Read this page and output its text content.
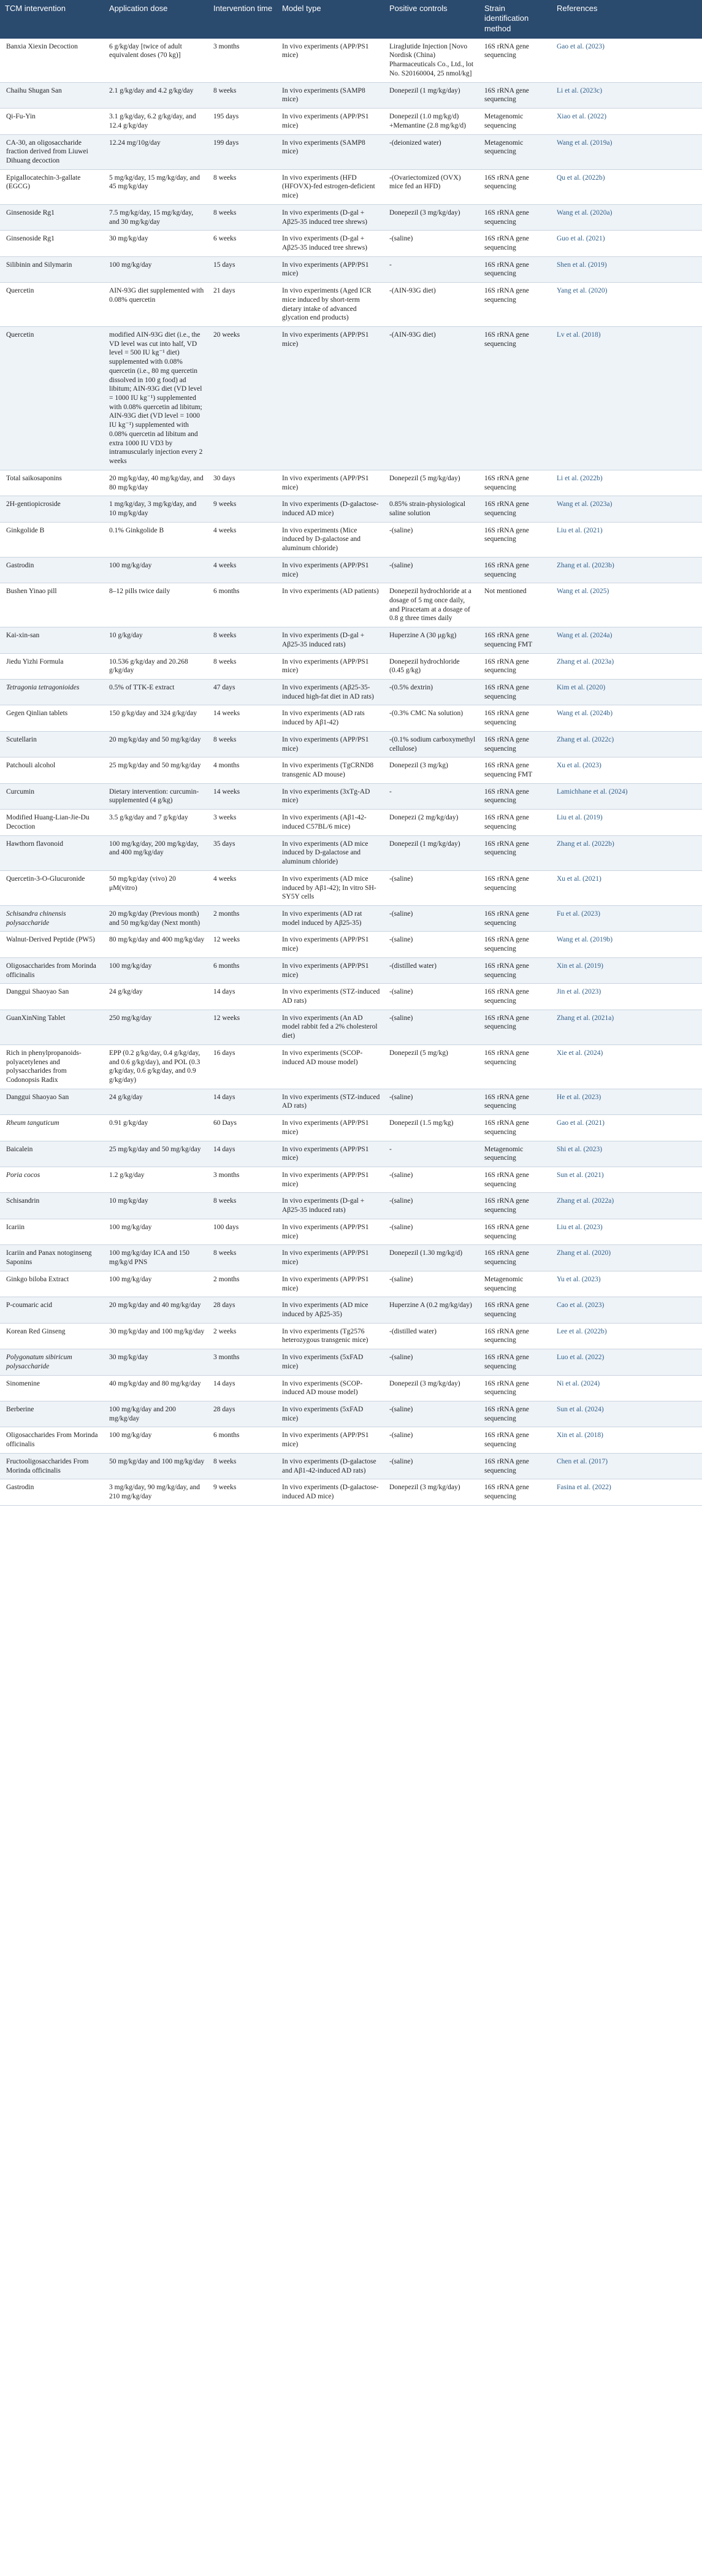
TCM intervention	Application dose	Intervention time	Model type	Positive controls	Strain identification method	References
Banxia Xiexin Decoction	6 g/kg/day [twice of adult equivalent doses (70 kg)]	3 months	In vivo experiments (APP/PS1 mice)	Liraglutide Injection [Novo Nordisk (China) Pharmaceuticals Co., Ltd., lot No. S20160004, 25 nmol/kg]	16S rRNA gene sequencing	Gao et al. (2023)
Chaihu Shugan San	2.1 g/kg/day and 4.2 g/kg/day	8 weeks	In vivo experiments (SAMP8 mice)	Donepezil (1 mg/kg/day)	16S rRNA gene sequencing	Li et al. (2023c)
Qi-Fu-Yin	3.1 g/kg/day, 6.2 g/kg/day, and 12.4 g/kg/day	195 days	In vivo experiments (APP/PS1 mice)	Donepezil (1.0 mg/kg/d) +Memantine (2.8 mg/kg/d)	Metagenomic sequencing	Xiao et al. (2022)
CA-30, an oligosaccharide fraction derived from Liuwei Dihuang decoction	12.24 mg/10g/day	199 days	In vivo experiments (SAMP8 mice)	-(deionized water)	Metagenomic sequencing	Wang et al. (2019a)
Epigallocatechin-3-gallate (EGCG)	5 mg/kg/day, 15 mg/kg/day, and 45 mg/kg/day	8 weeks	In vivo experiments (HFD (HFOVX)-fed estrogen-deficient mice)	-(Ovariectomized (OVX) mice fed an HFD)	16S rRNA gene sequencing	Qu et al. (2022b)
Ginsenoside Rg1	7.5 mg/kg/day, 15 mg/kg/day, and 30 mg/kg/day	8 weeks	In vivo experiments (D-gal + Aβ25-35 induced tree shrews)	Donepezil (3 mg/kg/day)	16S rRNA gene sequencing	Wang et al. (2020a)
Ginsenoside Rg1	30 mg/kg/day	6 weeks	In vivo experiments (D-gal + Aβ25-35 induced tree shrews)	-(saline)	16S rRNA gene sequencing	Guo et al. (2021)
Silibinin and Silymarin	100 mg/kg/day	15 days	In vivo experiments (APP/PS1 mice)	-	16S rRNA gene sequencing	Shen et al. (2019)
Quercetin	AIN-93G diet supplemented with 0.08% quercetin	21 days	In vivo experiments (Aged ICR mice induced by short-term dietary intake of advanced glycation end products)	-(AIN-93G diet)	16S rRNA gene sequencing	Yang et al. (2020)
Quercetin	modified AIN-93G diet (i.e., the VD level was cut into half, VD level = 500 IU kg⁻¹ diet) supplemented with 0.08% quercetin (i.e., 80 mg quercetin dissolved in 100 g food) ad libitum; AIN-93G diet (VD level = 1000 IU kg⁻¹) supplemented with 0.08% quercetin ad libitum; AIN-93G diet (VD level = 1000 IU kg⁻¹) supplemented with 0.08% quercetin ad libitum and extra 1000 IU VD3 by intramuscularly injection every 2 weeks	20 weeks	In vivo experiments (APP/PS1 mice)	-(AIN-93G diet)	16S rRNA gene sequencing	Lv et al. (2018)
Total saikosaponins	20 mg/kg/day, 40 mg/kg/day, and 80 mg/kg/day	30 days	In vivo experiments (APP/PS1 mice)	Donepezil (5 mg/kg/day)	16S rRNA gene sequencing	Li et al. (2022b)
2H-gentiopicroside	1 mg/kg/day, 3 mg/kg/day, and 10 mg/kg/day	9 weeks	In vivo experiments (D-galactose-induced AD mice)	0.85% strain-physiological saline solution	16S rRNA gene sequencing	Wang et al. (2023a)
Ginkgolide B	0.1% Ginkgolide B	4 weeks	In vivo experiments (Mice induced by D-galactose and aluminum chloride)	-(saline)	16S rRNA gene sequencing	Liu et al. (2021)
Gastrodin	100 mg/kg/day	4 weeks	In vivo experiments (APP/PS1 mice)	-(saline)	16S rRNA gene sequencing	Zhang et al. (2023b)
Bushen Yinao pill	8–12 pills twice daily	6 months	In vivo experiments (AD patients)	Donepezil hydrochloride at a dosage of 5 mg once daily, and Piracetam at a dosage of 0.8 g three times daily	Not mentioned	Wang et al. (2025)
Kai-xin-san	10 g/kg/day	8 weeks	In vivo experiments (D-gal + Aβ25-35 induced rats)	Huperzine A (30 μg/kg)	16S rRNA gene sequencing FMT	Wang et al. (2024a)
Jiedu Yizhi Formula	10.536 g/kg/day and 20.268 g/kg/day	8 weeks	In vivo experiments (APP/PS1 mice)	Donepezil hydrochloride (0.45 g/kg)	16S rRNA gene sequencing	Zhang et al. (2023a)
Tetragonia tetragonioides	0.5% of TTK-E extract	47 days	In vivo experiments (Aβ25-35-induced high-fat diet in AD rats)	-(0.5% dextrin)	16S rRNA gene sequencing	Kim et al. (2020)
Gegen Qinlian tablets	150 g/kg/day and 324 g/kg/day	14 weeks	In vivo experiments (AD rats induced by Aβ1-42)	-(0.3% CMC Na solution)	16S rRNA gene sequencing	Wang et al. (2024b)
Scutellarin	20 mg/kg/day and 50 mg/kg/day	8 weeks	In vivo experiments (APP/PS1 mice)	-(0.1% sodium carboxymethyl cellulose)	16S rRNA gene sequencing	Zhang et al. (2022c)
Patchouli alcohol	25 mg/kg/day and 50 mg/kg/day	4 months	In vivo experiments (TgCRND8 transgenic AD mouse)	Donepezil (3 mg/kg)	16S rRNA gene sequencing FMT	Xu et al. (2023)
Curcumin	Dietary intervention: curcumin-supplemented (4 g/kg)	14 weeks	In vivo experiments (3xTg-AD mice)	-	16S rRNA gene sequencing	Lamichhane et al. (2024)
Modified Huang-Lian-Jie-Du Decoction	3.5 g/kg/day and 7 g/kg/day	3 weeks	In vivo experiments (Aβ1-42-induced C57BL/6 mice)	Donepezi (2 mg/kg/day)	16S rRNA gene sequencing	Liu et al. (2019)
Hawthorn flavonoid	100 mg/kg/day, 200 mg/kg/day, and 400 mg/kg/day	35 days	In vivo experiments (AD mice induced by D-galactose and aluminum chloride)	Donepezil (1 mg/kg/day)	16S rRNA gene sequencing	Zhang et al. (2022b)
Quercetin-3-O-Glucuronide	50 mg/kg/day (vivo) 20 μM(vitro)	4 weeks	In vivo experiments (AD mice induced by Aβ1-42); In vitro SH-SY5Y cells	-(saline)	16S rRNA gene sequencing	Xu et al. (2021)
Schisandra chinensis polysaccharide	20 mg/kg/day (Previous month) and 50 mg/kg/day (Next month)	2 months	In vivo experiments (AD rat model induced by Aβ25-35)	-(saline)	16S rRNA gene sequencing	Fu et al. (2023)
Walnut-Derived Peptide (PW5)	80 mg/kg/day and 400 mg/kg/day	12 weeks	In vivo experiments (APP/PS1 mice)	-(saline)	16S rRNA gene sequencing	Wang et al. (2019b)
Oligosaccharides from Morinda officinalis	100 mg/kg/day	6 months	In vivo experiments (APP/PS1 mice)	-(distilled water)	16S rRNA gene sequencing	Xin et al. (2019)
Danggui Shaoyao San	24 g/kg/day	14 days	In vivo experiments (STZ-induced AD rats)	-(saline)	16S rRNA gene sequencing	Jin et al. (2023)
GuanXinNing Tablet	250 mg/kg/day	12 weeks	In vivo experiments (An AD model rabbit fed a 2% cholesterol diet)	-(saline)	16S rRNA gene sequencing	Zhang et al. (2021a)
Rich in phenylpropanoids-polyacetylenes and polysaccharides from Codonopsis Radix	EPP (0.2 g/kg/day, 0.4 g/kg/day, and 0.6 g/kg/day), and POL (0.3 g/kg/day, 0.6 g/kg/day, and 0.9 g/kg/day)	16 days	In vivo experiments (SCOP-induced AD mouse model)	Donepezil (5 mg/kg)	16S rRNA gene sequencing	Xie et al. (2024)
Danggui Shaoyao San	24 g/kg/day	14 days	In vivo experiments (STZ-induced AD rats)	-(saline)	16S rRNA gene sequencing	He et al. (2023)
Rheum tanguticum	0.91 g/kg/day	60 Days	In vivo experiments (APP/PS1 mice)	Donepezil (1.5 mg/kg)	16S rRNA gene sequencing	Gao et al. (2021)
Baicalein	25 mg/kg/day and 50 mg/kg/day	14 days	In vivo experiments (APP/PS1 mice)	-	Metagenomic sequencing	Shi et al. (2023)
Poria cocos	1.2 g/kg/day	3 months	In vivo experiments (APP/PS1 mice)	-(saline)	16S rRNA gene sequencing	Sun et al. (2021)
Schisandrin	10 mg/kg/day	8 weeks	In vivo experiments (D-gal + Aβ25-35 induced rats)	-(saline)	16S rRNA gene sequencing	Zhang et al. (2022a)
Icariin	100 mg/kg/day	100 days	In vivo experiments (APP/PS1 mice)	-(saline)	16S rRNA gene sequencing	Liu et al. (2023)
Icariin and Panax notoginseng Saponins	100 mg/kg/day ICA and 150 mg/kg/d PNS	8 weeks	In vivo experiments (APP/PS1 mice)	Donepezil (1.30 mg/kg/d)	16S rRNA gene sequencing	Zhang et al. (2020)
Ginkgo biloba Extract	100 mg/kg/day	2 months	In vivo experiments (APP/PS1 mice)	-(saline)	Metagenomic sequencing	Yu et al. (2023)
P-coumaric acid	20 mg/kg/day and 40 mg/kg/day	28 days	In vivo experiments (AD mice induced by Aβ25-35)	Huperzine A (0.2 mg/kg/day)	16S rRNA gene sequencing	Cao et al. (2023)
Korean Red Ginseng	30 mg/kg/day and 100 mg/kg/day	2 weeks	In vivo experiments (Tg2576 heterozygous transgenic mice)	-(distilled water)	16S rRNA gene sequencing	Lee et al. (2022b)
Polygonatum sibiricum polysaccharide	30 mg/kg/day	3 months	In vivo experiments (5xFAD mice)	-(saline)	16S rRNA gene sequencing	Luo et al. (2022)
Sinomenine	40 mg/kg/day and 80 mg/kg/day	14 days	In vivo experiments (SCOP-induced AD mouse model)	Donepezil (3 mg/kg/day)	16S rRNA gene sequencing	Ni et al. (2024)
Berberine	100 mg/kg/day and 200 mg/kg/day	28 days	In vivo experiments (5xFAD mice)	-(saline)	16S rRNA gene sequencing	Sun et al. (2024)
Oligosaccharides From Morinda officinalis	100 mg/kg/day	6 months	In vivo experiments (APP/PS1 mice)	-(saline)	16S rRNA gene sequencing	Xin et al. (2018)
Fructooligosaccharides From Morinda officinalis	50 mg/kg/day and 100 mg/kg/day	8 weeks	In vivo experiments (D-galactose and Aβ1-42-induced AD rats)	-(saline)	16S rRNA gene sequencing	Chen et al. (2017)
Gastrodin	3 mg/kg/day, 90 mg/kg/day, and 210 mg/kg/day	9 weeks	In vivo experiments (D-galactose-induced AD mice)	Donepezil (3 mg/kg/day)	16S rRNA gene sequencing	Fasina et al. (2022)
